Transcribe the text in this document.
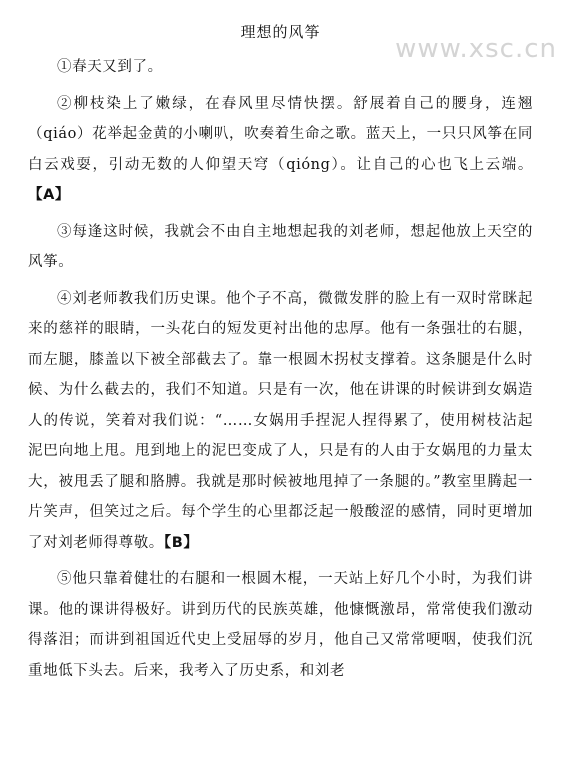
www.xsc.cn
理想的风筝

①春天又到了。

②柳枝染上了嫩绿，在春风里尽情快摆。舒展着自己的腰身，连翘（qiáo）花举起金黄的小喇叭，吹奏着生命之歌。蓝天上，一只只风筝在同白云戏耍，引动无数的人仰望天穹（qióng）。让自己的心也飞上云端。【A】

③每逢这时候，我就会不由自主地想起我的刘老师，想起他放上天空的风筝。

④刘老师教我们历史课。他个子不高，微微发胖的脸上有一双时常眯起来的慈祥的眼睛，一头花白的短发更衬出他的忠厚。他有一条强壮的右腿，而左腿，膝盖以下被全部截去了。靠一根圆木拐杖支撑着。这条腿是什么时候、为什么截去的，我们不知道。只是有一次，他在讲课的时候讲到女娲造人的传说，笑着对我们说：“……女娲用手捏泥人捏得累了，使用树枝沾起泥巴向地上甩。甩到地上的泥巴变成了人，只是有的人由于女娲甩的力量太大，被甩丢了腿和胳膊。我就是那时候被地甩掉了一条腿的。”教室里腾起一片笑声，但笑过之后。每个学生的心里都泛起一般酸涩的感情，同时更增加了对刘老师得尊敬。【B】

⑤他只靠着健壮的右腿和一根圆木棍，一天站上好几个小时，为我们讲课。他的课讲得极好。讲到历代的民族英雄，他慷慨激昂，常常使我们激动得落泪；而讲到祖国近代史上受屈辱的岁月，他自己又常常哽咽，使我们沉重地低下头去。后来，我考入了历史系，和刘老
